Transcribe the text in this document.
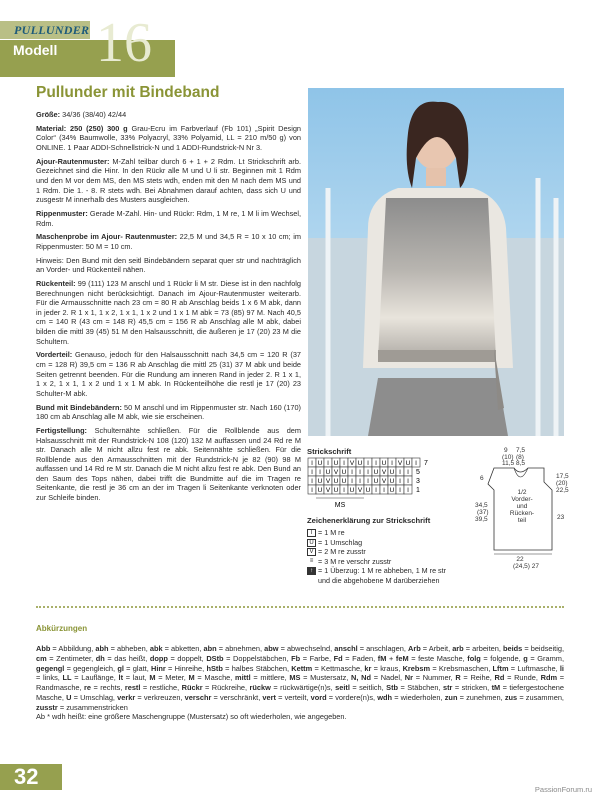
PULLUNDER
Modell 16
Pullunder mit Bindeband

Größe: 34/36 (38/40) 42/44

Material: 250 (250) 300 g Grau-Ecru im Farbverlauf (Fb 101) „Spirit Design Color“ (34% Baumwolle, 33% Polyacryl, 33% Polyamid, LL = 210 m/50 g) von ONLINE. 1 Paar ADDI-Schnellstrick-N und 1 ADDI-Rundstrick-N Nr 3.

Ajour-Rautenmuster: M-Zahl teilbar durch 6 + 1 + 2 Rdm. Lt Strickschrift arb. Gezeichnet sind die Hinr. In den Rückr alle M und U li str. Beginnen mit 1 Rdm und den M vor dem MS, den MS stets wdh, enden mit den M nach dem MS und 1 Rdm. Die 1. - 8. R stets wdh. Bei Abnahmen darauf achten, dass sich U und zusgestr M innerhalb des Musters ausgleichen.

Rippenmuster: Gerade M-Zahl. Hin- und Rückr: Rdm, 1 M re, 1 M li im Wechsel, Rdm.

Maschenprobe im Ajour- Rautenmuster: 22,5 M und 34,5 R = 10 x 10 cm; im Rippenmuster: 50 M = 10 cm.

Hinweis: Den Bund mit den seitl Bindebändern separat quer str und nachträglich an Vorder- und Rückenteil nähen.

Rückenteil: 99 (111) 123 M anschl und 1 Rückr li M str. Diese ist in den nachfolg Berechnungen nicht berücksichtigt. Danach im Ajour-Rautenmuster weiterarb. Für die Armausschnitte nach 23 cm = 80 R ab Anschlag beids 1 x 6 M abk, dann in jeder 2. R 1 x 1, 1 x 2, 1 x 1, 1 x 2 und 1 x 1 M abk = 73 (85) 97 M. Nach 40,5 cm = 140 R (43 cm = 148 R) 45,5 cm = 156 R ab Anschlag alle M abk, dabei bilden die mittl 39 (45) 51 M den Halsausschnitt, die äußeren je 17 (20) 23 M die Schultern.

Vorderteil: Genauso, jedoch für den Halsausschnitt nach 34,5 cm = 120 R (37 cm = 128 R) 39,5 cm = 136 R ab Anschlag die mittl 25 (31) 37 M abk und beide Seiten getrennt beenden. Für die Rundung am inneren Rand in jeder 2. R 1 x 1, 1 x 2, 1 x 1, 1 x 2 und 1 x 1 M abk. In Rückenteilhöhe die restl je 17 (20) 23 Schulter-M abk.

Bund mit Bindebändern: 50 M anschl und im Rippenmuster str. Nach 160 (170) 180 cm ab Anschlag alle M abk, wie sie erscheinen.

Fertigstellung: Schulternähte schließen. Für die Rollblende aus dem Halsausschnitt mit der Rundstrick-N 108 (120) 132 M auffassen und 24 Rd re M str. Danach alle M nicht allzu fest re abk. Seitennähte schließen. Für die Rollblende aus den Armausschnitten mit der Rundstrick-N je 82 (90) 98 M auffassen und 14 Rd re M str. Danach die M nicht allzu fest re abk. Den Bund an den Saum des Tops nähen, dabei trifft die Bundmitte auf die im Tragen re Seitenkante, die restl je 36 cm an der im Tragen li Seitenkante verknoten oder zur Schleife binden.

Strickschrift
I U I U I V U I I U I V U I 7
I I U V U I I I U V U I I 5
I U V U U I I I U V U I I 3
I U V U I U V U I I U I I 1
MS
Zeichenerklärung zur Strickschrift
I = 1 M re
U = 1 Umschlag
V = 2 M re zusstr
≡ = 3 M re verschr zusstr
↑ = 1 Überzug: 1 M re abheben, 1 M re str
und die abgehobene M darüberziehen
9 7,5
(10) (8)
11,5 8,5
6	17,5
(20)
22,5
23
34,5
(37)
39,5
1/2 Vorder-und Rücken-teil
22
(24,5) 27
Abkürzungen
Abb = Abbildung, abh = abheben, abk = abketten, abn = abnehmen, abw = abwechselnd, anschl = anschlagen, Arb = Arbeit, arb = arbeiten, beids = beidseitig, cm = Zentimeter, dh = das heißt, dopp = doppelt, DStb = Doppelstäbchen, Fb = Farbe, Fd = Faden, fM + feM = feste Masche, folg = folgende, g = Gramm, gegengl = gegengleich, gl = glatt, Hinr = Hinreihe, hStb = halbes Stäbchen, Kettm = Kettmasche, kr = kraus, Krebsm = Krebsmaschen, Lftm = Luftmasche, li = links, LL = Lauflänge, lt = laut, M = Meter, M = Masche, mittl = mittlere, MS = Mustersatz, N, Nd = Nadel, Nr = Nummer, R = Reihe, Rd = Runde, Rdm = Randmasche, re = rechts, restl = restliche, Rückr = Rückreihe, rückw = rückwärtige(n)s, seitl = seitlich, Stb = Stäbchen, str = stricken, tM = tiefergestochene Masche, U = Umschlag, verkr = verkreuzen, verschr = verschränkt, vert = verteilt, vord = vordere(n)s, wdh = wiederholen, zun = zunehmen, zus = zusammen, zusstr = zusammenstricken
Ab * wdh heißt: eine größere Maschengruppe (Mustersatz) so oft wiederholen, wie angegeben.
32
PassionForum.ru
